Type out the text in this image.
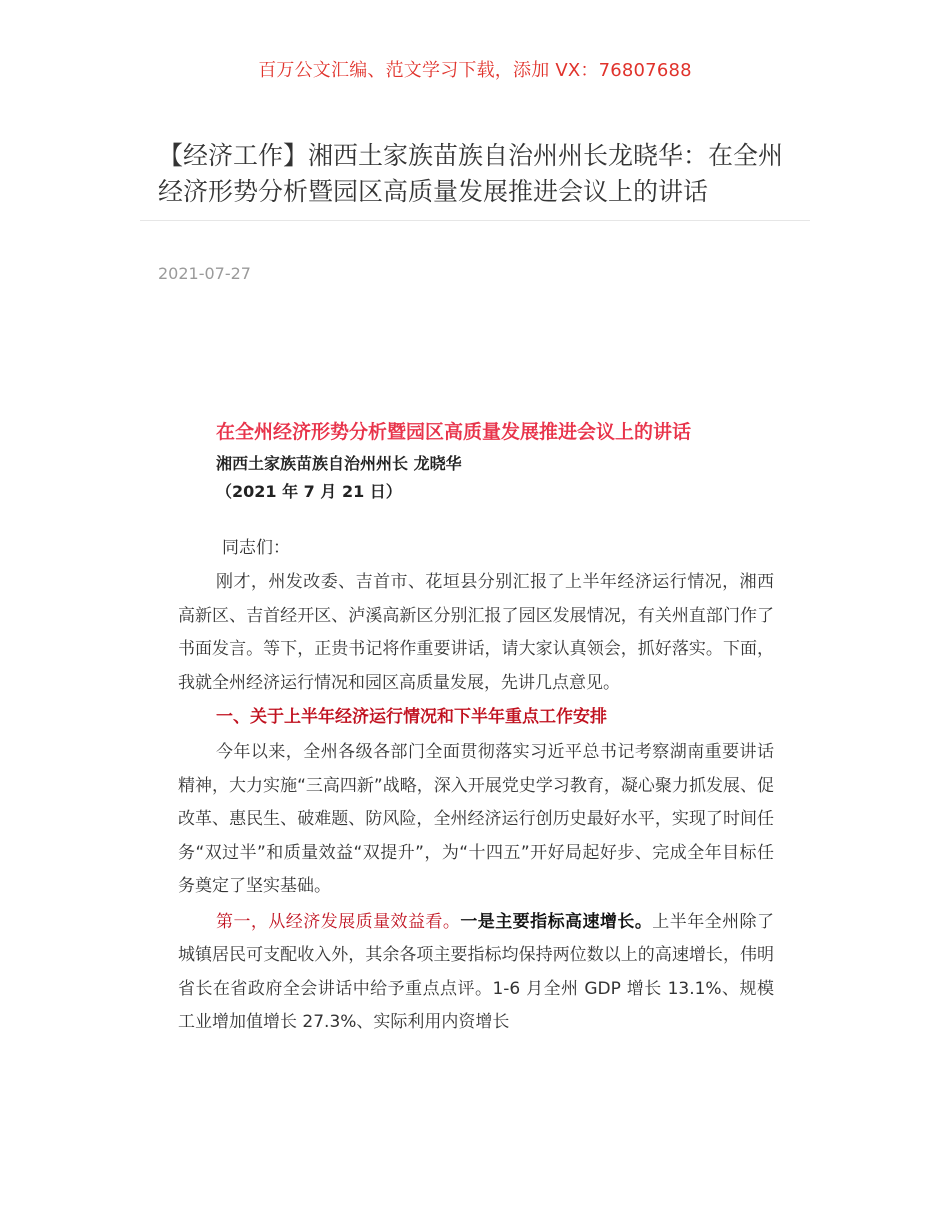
百万公文汇编、范文学习下载，添加 VX：76807688
【经济工作】湘西土家族苗族自治州州长龙晓华：在全州经济形势分析暨园区高质量发展推进会议上的讲话
2021-07-27
在全州经济形势分析暨园区高质量发展推进会议上的讲话
湘西土家族苗族自治州州长 龙晓华
（2021 年 7 月 21 日）
同志们：

刚才，州发改委、吉首市、花垣县分别汇报了上半年经济运行情况，湘西高新区、吉首经开区、泸溪高新区分别汇报了园区发展情况，有关州直部门作了书面发言。等下，正贵书记将作重要讲话，请大家认真领会，抓好落实。下面，我就全州经济运行情况和园区高质量发展，先讲几点意见。

一、关于上半年经济运行情况和下半年重点工作安排

今年以来，全州各级各部门全面贯彻落实习近平总书记考察湖南重要讲话精神，大力实施“三高四新”战略，深入开展党史学习教育，凝心聚力抓发展、促改革、惠民生、破难题、防风险，全州经济运行创历史最好水平，实现了时间任务“双过半”和质量效益“双提升”，为“十四五”开好局起好步、完成全年目标任务奠定了坚实基础。

第一，从经济发展质量效益看。一是主要指标高速增长。上半年全州除了城镇居民可支配收入外，其余各项主要指标均保持两位数以上的高速增长，伟明省长在省政府全会讲话中给予重点点评。1-6 月全州 GDP 增长 13.1%、规模工业增加值增长 27.3%、实际利用内资增长
